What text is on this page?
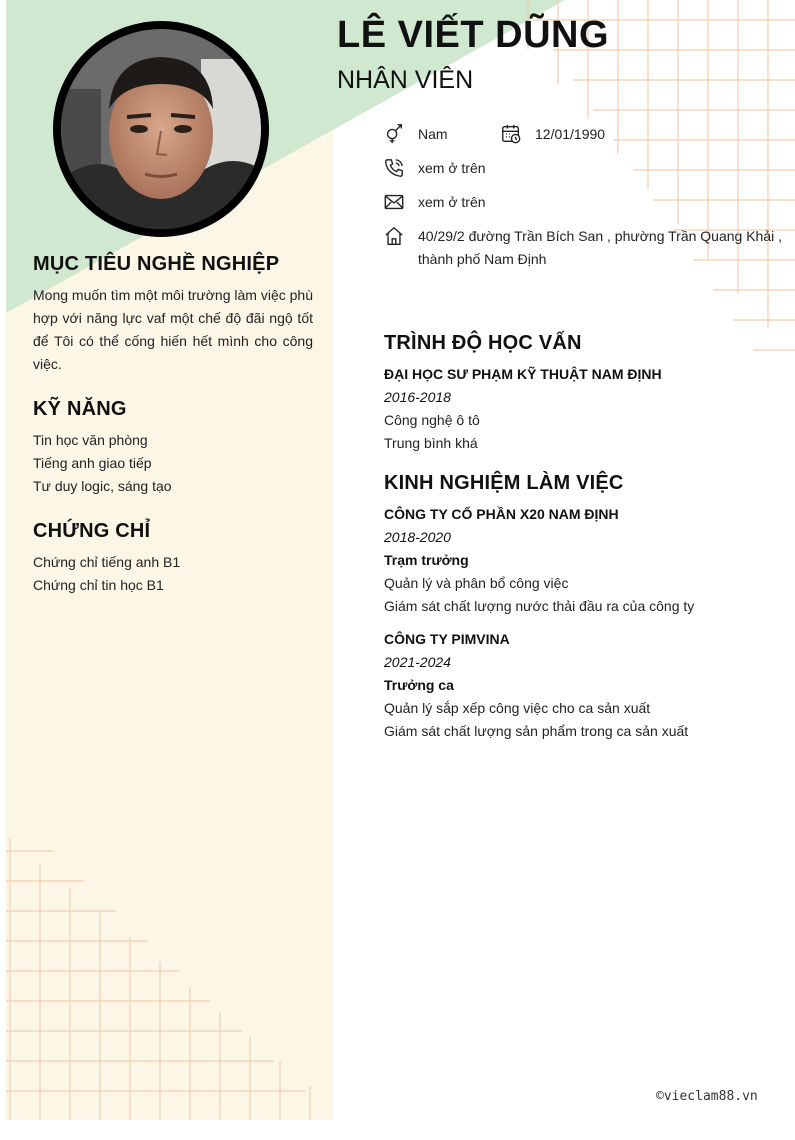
LÊ VIẾT DŨNG
NHÂN VIÊN
Nam	12/01/1990
xem ở trên
xem ở trên
40/29/2 đường Trần Bích San , phường Trần Quang Khải ,
thành phố Nam Định
MỤC TIÊU NGHỀ NGHIỆP
Mong muốn tìm một môi trường làm việc phù hợp với năng lực vaf một chế độ đãi ngộ tốt để Tôi có thể cống hiến hết mình cho công việc.
KỸ NĂNG
Tin học văn phòng
Tiếng anh giao tiếp
Tư duy logic, sáng tạo
CHỨNG CHỈ
Chứng chỉ tiếng anh B1
Chứng chỉ tin học B1
TRÌNH ĐỘ HỌC VẤN
ĐẠI HỌC SƯ PHẠM KỸ THUẬT NAM ĐỊNH
2016-2018
Công nghệ ô tô
Trung bình khá
KINH NGHIỆM LÀM VIỆC
CÔNG TY CỔ PHẦN X20 NAM ĐỊNH
2018-2020
Trạm trưởng
Quản lý và phân bổ công việc
Giám sát chất lượng nước thải đầu ra của công ty
CÔNG TY PIMVINA
2021-2024
Trưởng ca
Quản lý sắp xếp công việc cho ca sản xuất
Giám sát chất lượng sản phẩm trong ca sản xuất
©vieclam88.vn
